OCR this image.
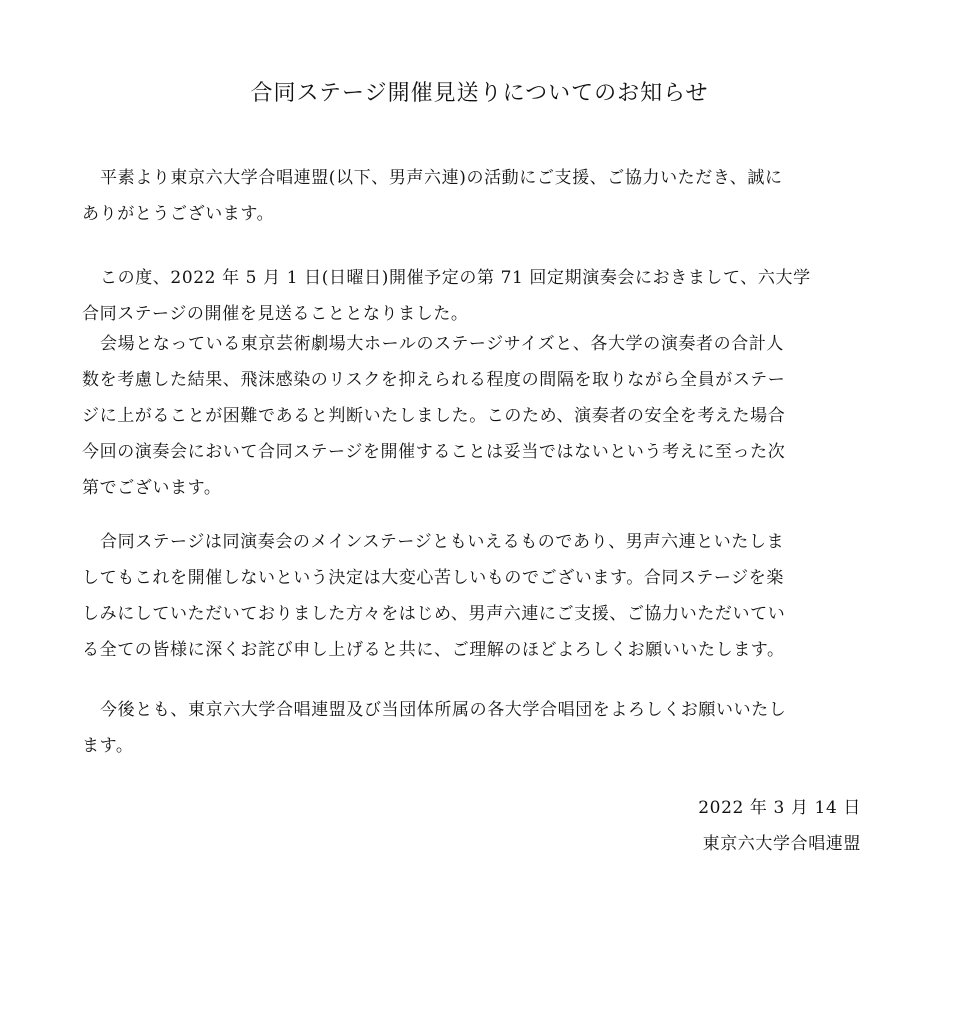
合同ステージ開催見送りについてのお知らせ

平素より東京六大学合唱連盟(以下、男声六連)の活動にご支援、ご協力いただき、誠に
ありがとうございます。

この度、2022 年 5 月 1 日(日曜日)開催予定の第 71 回定期演奏会におきまして、六大学
合同ステージの開催を見送ることとなりました。

会場となっている東京芸術劇場大ホールのステージサイズと、各大学の演奏者の合計人
数を考慮した結果、飛沫感染のリスクを抑えられる程度の間隔を取りながら全員がステー
ジに上がることが困難であると判断いたしました。このため、演奏者の安全を考えた場合
今回の演奏会において合同ステージを開催することは妥当ではないという考えに至った次
第でございます。

合同ステージは同演奏会のメインステージともいえるものであり、男声六連といたしま
してもこれを開催しないという決定は大変心苦しいものでございます。合同ステージを楽
しみにしていただいておりました方々をはじめ、男声六連にご支援、ご協力いただいてい
る全ての皆様に深くお詫び申し上げると共に、ご理解のほどよろしくお願いいたします。

今後とも、東京六大学合唱連盟及び当団体所属の各大学合唱団をよろしくお願いいたし
ます。

2022 年 3 月 14 日
東京六大学合唱連盟
